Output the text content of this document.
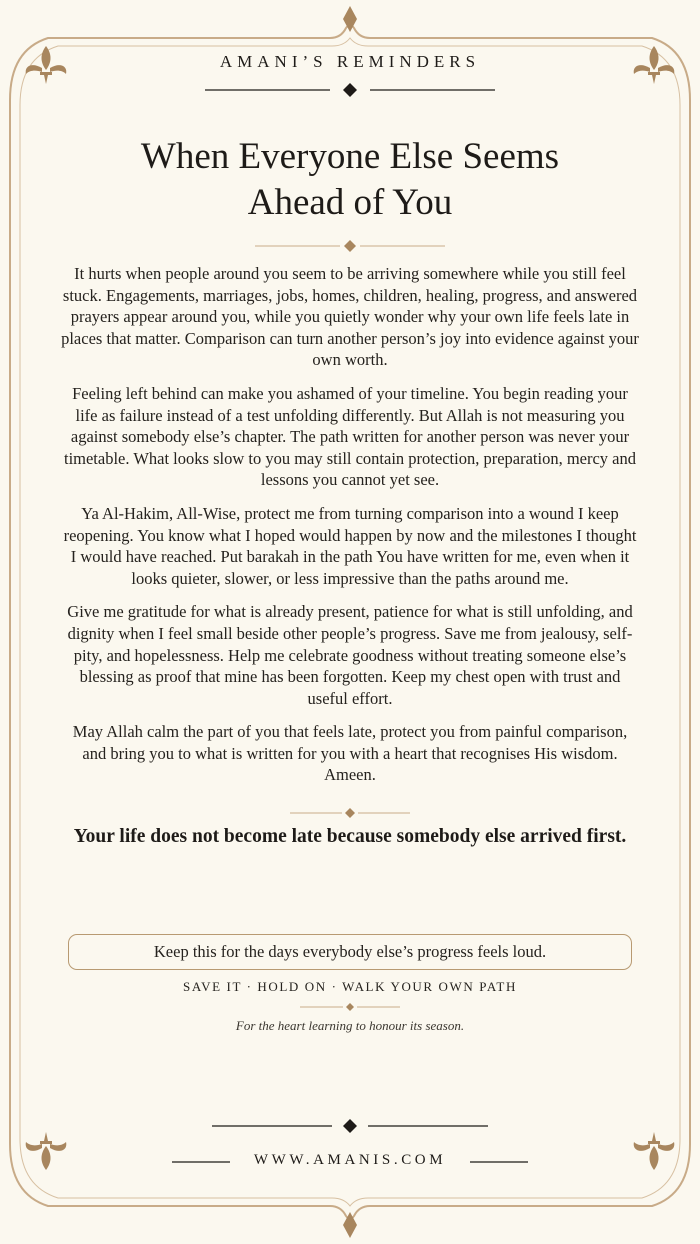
AMANI’S REMINDERS
When Everyone Else Seems
Ahead of You

It hurts when people around you seem to be arriving somewhere while you still feel stuck. Engagements, marriages, jobs, homes, children, healing, progress, and answered prayers appear around you, while you quietly wonder why your own life feels late in places that matter. Comparison can turn another person’s joy into evidence against your own worth.

Feeling left behind can make you ashamed of your timeline. You begin reading your life as failure instead of a test unfolding differently. But Allah is not measuring you against somebody else’s chapter. The path written for another person was never your timetable. What looks slow to you may still contain protection, preparation, mercy and lessons you cannot yet see.

Ya Al-Hakim, All-Wise, protect me from turning comparison into a wound I keep reopening. You know what I hoped would happen by now and the milestones I thought I would have reached. Put barakah in the path You have written for me, even when it looks quieter, slower, or less impressive than the paths around me.

Give me gratitude for what is already present, patience for what is still unfolding, and dignity when I feel small beside other people’s progress. Save me from jealousy, self-pity, and hopelessness. Help me celebrate goodness without treating someone else’s blessing as proof that mine has been forgotten. Keep my chest open with trust and useful effort.

May Allah calm the part of you that feels late, protect you from painful comparison, and bring you to what is written for you with a heart that recognises His wisdom. Ameen.

Your life does not become late because somebody else arrived first.
Keep this for the days everybody else’s progress feels loud.
SAVE IT · HOLD ON · WALK YOUR OWN PATH
For the heart learning to honour its season.
WWW.AMANIS.COM
